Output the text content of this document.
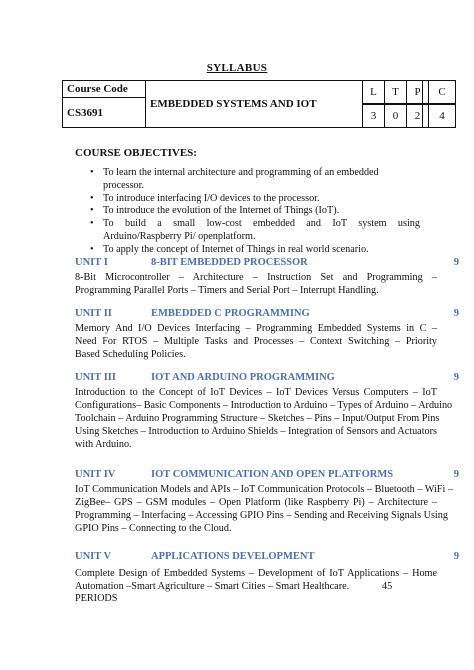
SYLLABUS
Course Code
CS3691
EMBEDDED SYSTEMS AND IOT
L	T	P	C
3	0	2	4
COURSE OBJECTIVES:
• To learn the internal architecture and programming of an embedded processor.
• To introduce interfacing I/O devices to the processor.
• To introduce the evolution of the Internet of Things (IoT).
• To build a small low-cost embedded and IoT system using Arduino/Raspberry Pi/ openplatform.
• To apply the concept of Internet of Things in real world scenario.
UNIT I	8-BIT EMBEDDED PROCESSOR	9
8-Bit Microcontroller – Architecture – Instruction Set and Programming –
Programming Parallel Ports – Timers and Serial Port – Interrupt Handling.
UNIT II	EMBEDDED C PROGRAMMING	9
Memory And I/O Devices Interfacing – Programming Embedded Systems in C –
Need For RTOS – Multiple Tasks and Processes – Context Switching – Priority
Based Scheduling Policies.
UNIT III	IOT AND ARDUINO PROGRAMMING	9
Introduction to the Concept of IoT Devices – IoT Devices Versus Computers – IoT
Configurations– Basic Components – Introduction to Arduino – Types of Arduino – Arduino
Toolchain – Arduino Programming Structure – Sketches – Pins – Input/Output From Pins
Using Sketches – Introduction to Arduino Shields – Integration of Sensors and Actuators
with Arduino.
UNIT IV	IOT COMMUNICATION AND OPEN PLATFORMS	9
IoT Communication Models and APIs – IoT Communication Protocols – Bluetooth – WiFi –
ZigBee– GPS – GSM modules – Open Platform (like Raspberry Pi) – Architecture –
Programming – Interfacing – Accessing GPIO Pins – Sending and Receiving Signals Using
GPIO Pins – Connecting to the Cloud.
UNIT V	APPLICATIONS DEVELOPMENT	9
Complete Design of Embedded Systems – Development of IoT Applications – Home
Automation –Smart Agriculture – Smart Cities – Smart Healthcare.	45
PERIODS
